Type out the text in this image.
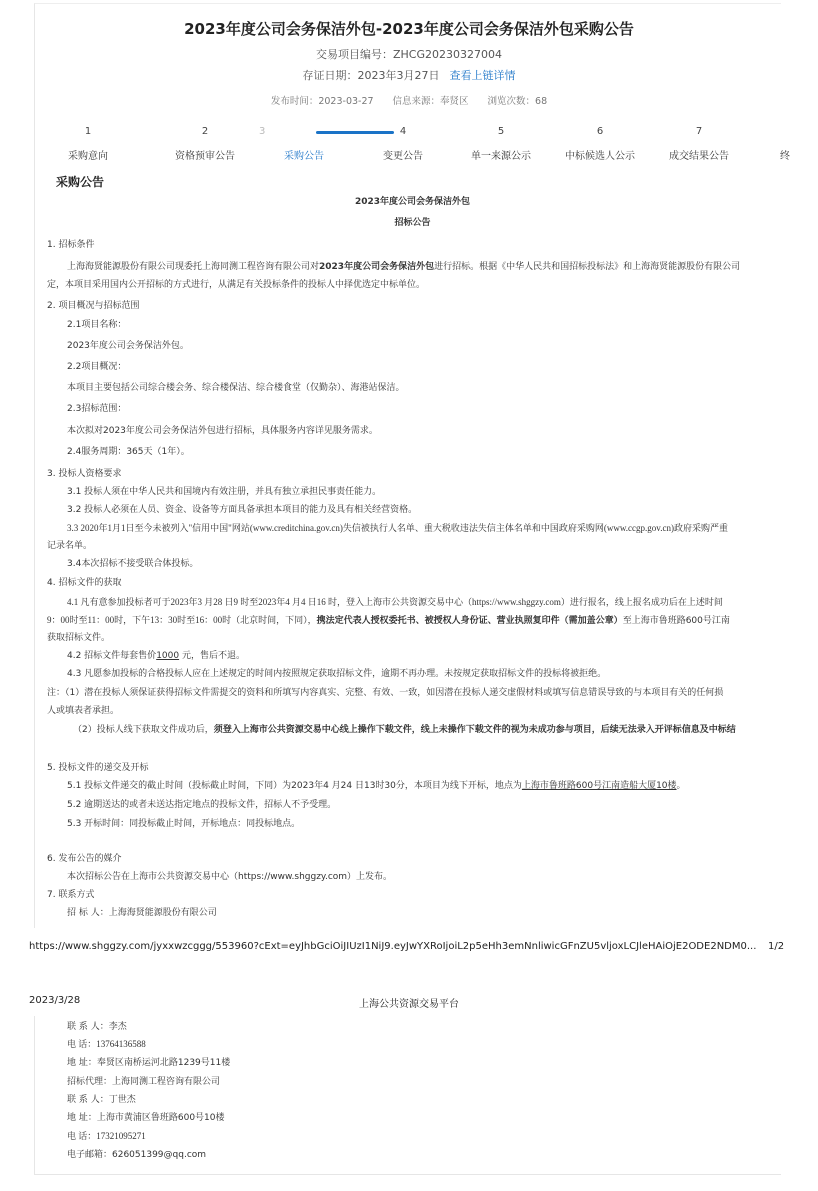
2023年度公司会务保洁外包-2023年度公司会务保洁外包采购公告
交易项目编号：ZHCG20230327004
存证日期：2023年3月27日 查看上链详情
发布时间：2023-03-27　　信息来源：奉贤区　　浏览次数：68
1
采购意向
2
资格预审公告
3
采购公告
4
变更公告
5
单一来源公示
6
中标候选人公示
7
成交结果公告	终
采购公告
2023年度公司会务保洁外包
招标公告
1. 招标条件
上海海贤能源股份有限公司现委托上海同测工程咨询有限公司对2023年度公司会务保洁外包进行招标。根据《中华人民共和国招标投标法》和上海海贤能源股份有限公司
定，本项目采用国内公开招标的方式进行，从满足有关投标条件的投标人中择优选定中标单位。
2. 项目概况与招标范围
2.1项目名称：
2023年度公司会务保洁外包。
2.2项目概况：
本项目主要包括公司综合楼会务、综合楼保洁、综合楼食堂（仅勤杂）、海港站保洁。
2.3招标范围：
本次拟对2023年度公司会务保洁外包进行招标，具体服务内容详见服务需求。
2.4服务周期：365天（1年）。
3. 投标人资格要求
3.1 投标人须在中华人民共和国境内有效注册，并具有独立承担民事责任能力。
3.2 投标人必须在人员、资金、设备等方面具备承担本项目的能力及具有相关经营资格。
3.3 2020年1月1日至今未被列入"信用中国"网站(www.creditchina.gov.cn)失信被执行人名单、重大税收违法失信主体名单和中国政府采购网(www.ccgp.gov.cn)政府采购严重
记录名单。
3.4本次招标不接受联合体投标。
4. 招标文件的获取
4.1 凡有意参加投标者可于2023年3 月28 日9 时至2023年4 月4 日16 时，登入上海市公共资源交易中心（https://www.shggzy.com）进行报名，线上报名成功后在上述时间
9：00时至11：00时，下午13：30时至16：00时（北京时间，下同），携法定代表人授权委托书、被授权人身份证、营业执照复印件（需加盖公章）至上海市鲁班路600号江南
获取招标文件。
4.2 招标文件每套售价1000 元，售后不退。
4.3 凡愿参加投标的合格投标人应在上述规定的时间内按照规定获取招标文件，逾期不再办理。未按规定获取招标文件的投标将被拒绝。
注：（1）潜在投标人须保证获得招标文件需提交的资料和所填写内容真实、完整、有效、一致，如因潜在投标人递交虚假材料或填写信息错误导致的与本项目有关的任何损
人或填表者承担。
（2）投标人线下获取文件成功后，须登入上海市公共资源交易中心线上操作下载文件，线上未操作下载文件的视为未成功参与项目，后续无法录入开评标信息及中标结
5. 投标文件的递交及开标
5.1 投标文件递交的截止时间（投标截止时间，下同）为2023年4 月24 日13时30分，本项目为线下开标，地点为上海市鲁班路600号江南造船大厦10楼。
5.2 逾期送达的或者未送达指定地点的投标文件，招标人不予受理。
5.3 开标时间：同投标截止时间，开标地点：同投标地点。
6. 发布公告的媒介
本次招标公告在上海市公共资源交易中心（https://www.shggzy.com）上发布。
7. 联系方式
招 标 人：上海海贤能源股份有限公司
https://www.shggzy.com/jyxxwzcggg/553960?cExt=eyJhbGciOiJIUzI1NiJ9.eyJwYXRoIjoiL2p5eHh3emNnliwicGFnZU5vljoxLCJleHAiOjE2ODE2NDM0... 1/2
2023/3/28	上海公共资源交易平台
联 系 人：李杰
电 话：13764136588
地 址：奉贤区南桥运河北路1239号11楼
招标代理：上海同测工程咨询有限公司
联 系 人：丁世杰
地 址：上海市黄浦区鲁班路600号10楼
电 话：17321095271
电子邮箱：626051399@qq.com
